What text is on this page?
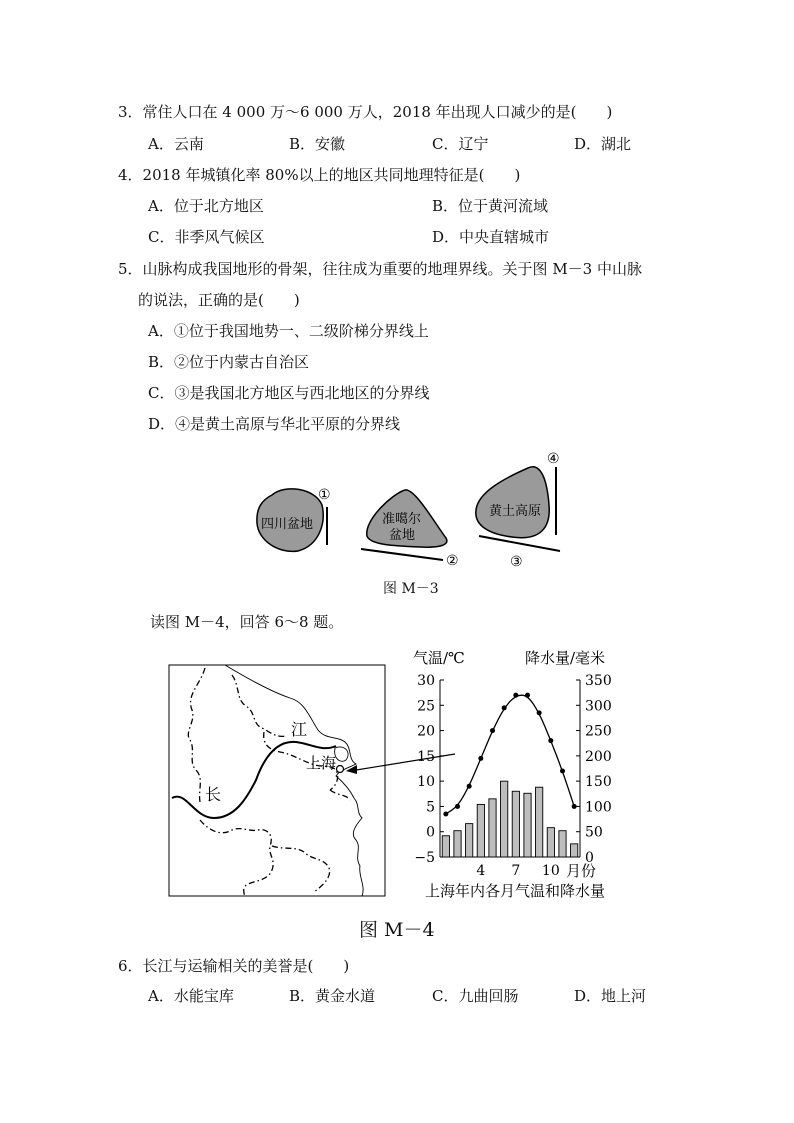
3．常住人口在 4 000 万～6 000 万人，2018 年出现人口减少的是(　　)
A．云南	B．安徽	C．辽宁	D．湖北
4．2018 年城镇化率 80%以上的地区共同地理特征是(　　)
A．位于北方地区	B．位于黄河流域
C．非季风气候区	D．中央直辖城市
5．山脉构成我国地形的骨架，往往成为重要的地理界线。关于图 M－3 中山脉
的说法，正确的是(　　)
A．①位于我国地势一、二级阶梯分界线上
B．②位于内蒙古自治区
C．③是我国北方地区与西北地区的分界线
D．④是黄土高原与华北平原的分界线
四川盆地
①
准噶尔
盆地
②
黄土高原
④
③
图 M－3
读图 M－4，回答 6～8 题。
江
长
上海
气温/℃	降水量/毫米
30
25
20
15
10
5
0
−5
350
300
250
200
150
100
50
0
4 7 10 月份
上海年内各月气温和降水量
图 M－4
6．长江与运输相关的美誉是(　　)
A．水能宝库	B．黄金水道	C．九曲回肠	D．地上河
